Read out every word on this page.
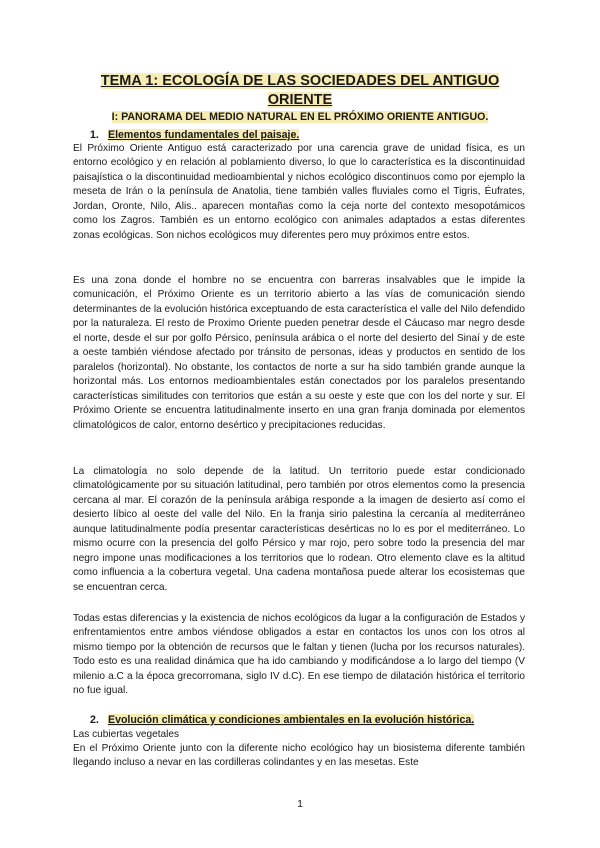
TEMA 1: ECOLOGÍA DE LAS SOCIEDADES DEL ANTIGUO ORIENTE
I: PANORAMA DEL MEDIO NATURAL EN EL PRÓXIMO ORIENTE ANTIGUO.
1. Elementos fundamentales del paisaje.

El Próximo Oriente Antiguo está caracterizado por una carencia grave de unidad física, es un entorno ecológico y en relación al poblamiento diverso, lo que lo característica es la discontinuidad paisajística o la discontinuidad medioambiental y nichos ecológico discontinuos como por ejemplo la meseta de Irán o la península de Anatolia, tiene también valles fluviales como el Tigris, Éufrates, Jordan, Oronte, Nilo, Alis.. aparecen montañas como la ceja norte del contexto mesopotámicos como los Zagros. También es un entorno ecológico con animales adaptados a estas diferentes zonas ecológicas. Son nichos ecológicos muy diferentes pero muy próximos entre estos.

Es una zona donde el hombre no se encuentra con barreras insalvables que le impide la comunicación, el Próximo Oriente es un territorio abierto a las vías de comunicación siendo determinantes de la evolución histórica exceptuando de esta característica el valle del Nilo defendido por la naturaleza. El resto de Proximo Oriente pueden penetrar desde el Cáucaso mar negro desde el norte, desde el sur por golfo Pérsico, península arábica o el norte del desierto del Sinaí y de este a oeste también viéndose afectado por tránsito de personas, ideas y productos en sentido de los paralelos (horizontal). No obstante, los contactos de norte a sur ha sido también grande aunque la horizontal más. Los entornos medioambientales están conectados por los paralelos presentando características similitudes con territorios que están a su oeste y este que con los del norte y sur. El Próximo Oriente se encuentra latitudinalmente inserto en una gran franja dominada por elementos climatológicos de calor, entorno desértico y precipitaciones reducidas.

La climatología no solo depende de la latitud. Un territorio puede estar condicionado climatológicamente por su situación latitudinal, pero también por otros elementos como la presencia cercana al mar. El corazón de la península arábiga responde a la imagen de desierto así como el desierto líbico al oeste del valle del Nilo. En la franja sirio palestina la cercanía al mediterráneo aunque latitudinalmente podía presentar características desérticas no lo es por el mediterráneo. Lo mismo ocurre con la presencia del golfo Pérsico y mar rojo, pero sobre todo la presencia del mar negro impone unas modificaciones a los territorios que lo rodean. Otro elemento clave es la altitud como influencia a la cobertura vegetal. Una cadena montañosa puede alterar los ecosistemas que se encuentran cerca.

Todas estas diferencias y la existencia de nichos ecológicos da lugar a la configuración de Estados y enfrentamientos entre ambos viéndose obligados a estar en contactos los unos con los otros al mismo tiempo por la obtención de recursos que le faltan y tienen (lucha por los recursos naturales). Todo esto es una realidad dinámica que ha ido cambiando y modificándose a lo largo del tiempo (V milenio a.C a la época grecorromana, siglo IV d.C). En ese tiempo de dilatación histórica el territorio no fue igual.

2. Evolución climática y condiciones ambientales en la evolución histórica.
Las cubiertas vegetales

En el Próximo Oriente junto con la diferente nicho ecológico hay un biosistema diferente también llegando incluso a nevar en las cordilleras colindantes y en las mesetas. Este

1
